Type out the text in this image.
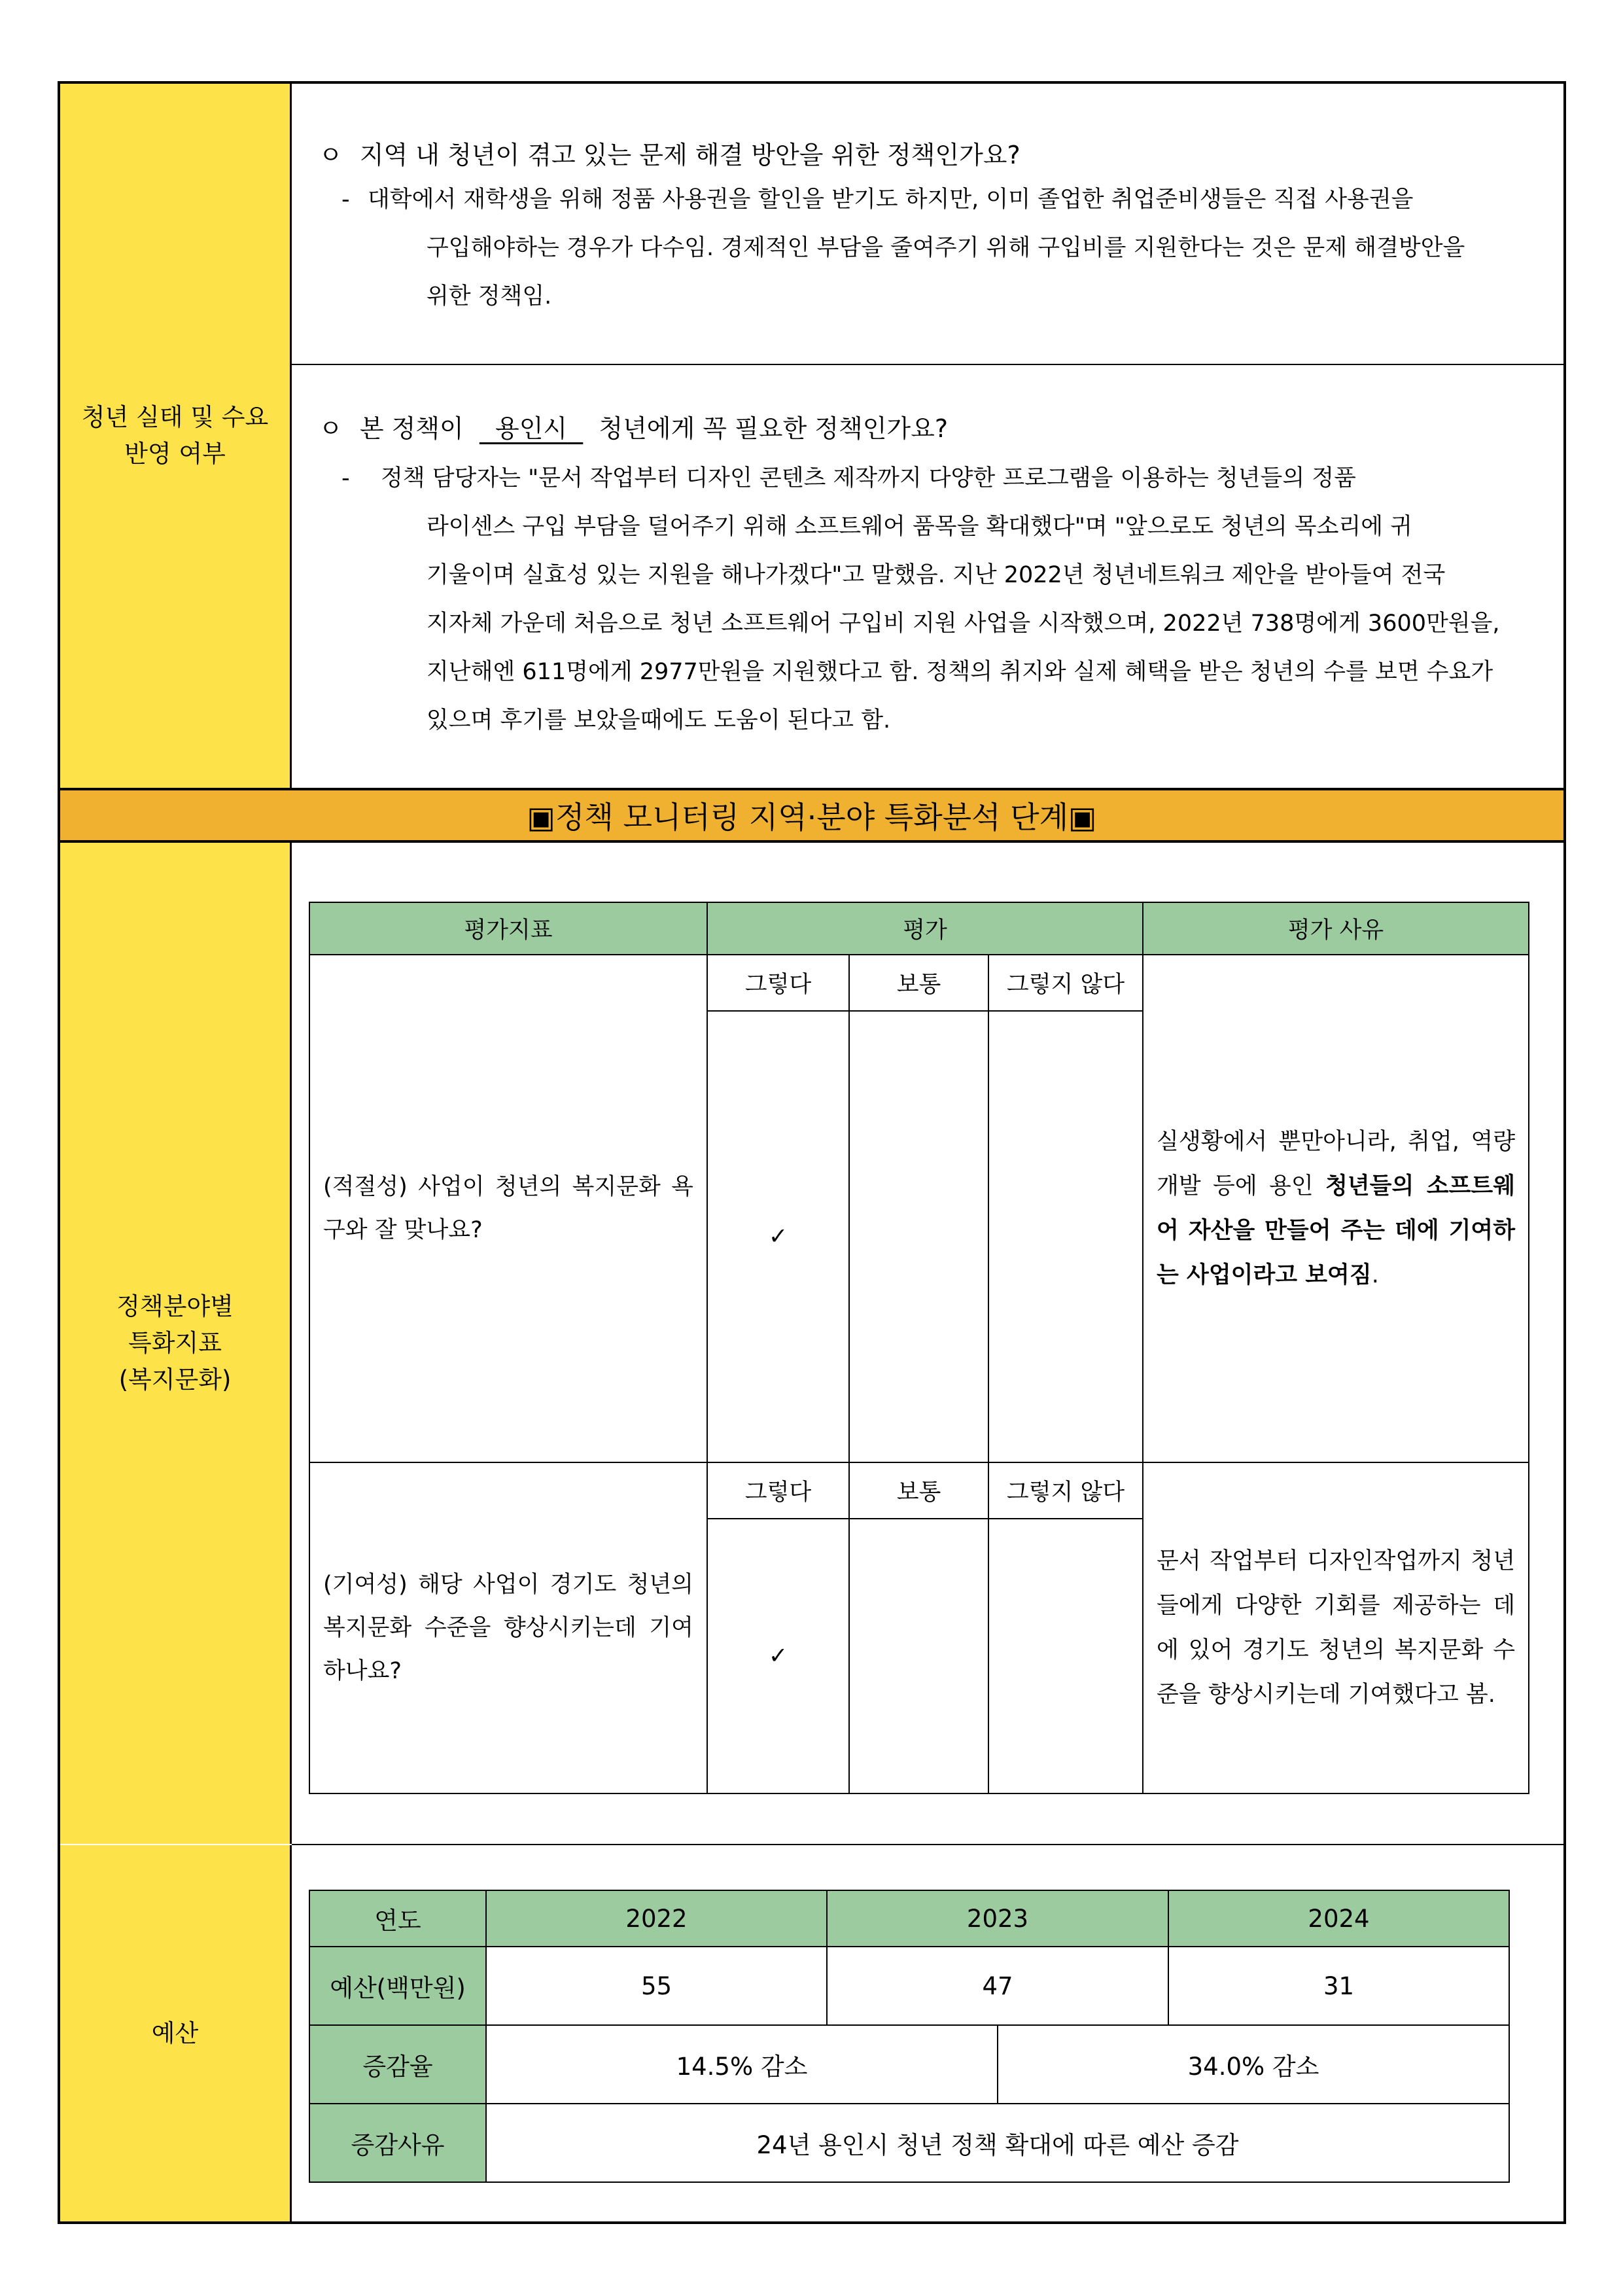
청년 실태 및 수요
반영 여부
ㅇ 지역 내 청년이 겪고 있는 문제 해결 방안을 위한 정책인가요?
- 대학에서 재학생을 위해 정품 사용권을 할인을 받기도 하지만, 이미 졸업한 취업준비생들은 직접 사용권을
구입해야하는 경우가 다수임. 경제적인 부담을 줄여주기 위해 구입비를 지원한다는 것은 문제 해결방안을
위한 정책임.
ㅇ 본 정책이 용인시 청년에게 꼭 필요한 정책인가요?
- 정책 담당자는 "문서 작업부터 디자인 콘텐츠 제작까지 다양한 프로그램을 이용하는 청년들의 정품
라이센스 구입 부담을 덜어주기 위해 소프트웨어 품목을 확대했다"며 "앞으로도 청년의 목소리에 귀
기울이며 실효성 있는 지원을 해나가겠다"고 말했음. 지난 2022년 청년네트워크 제안을 받아들여 전국
지자체 가운데 처음으로 청년 소프트웨어 구입비 지원 사업을 시작했으며, 2022년 738명에게 3600만원을,
지난해엔 611명에게 2977만원을 지원했다고 함. 정책의 취지와 실제 혜택을 받은 청년의 수를 보면 수요가
있으며 후기를 보았을때에도 도움이 된다고 함.
▣정책 모니터링 지역·분야 특화분석 단계▣
정책분야별
특화지표
(복지문화)
예산
평가지표	평가			평가 사유
(적절성) 사업이 청년의 복지문화 욕구와 잘 맞나요?	그렇다	보통	그렇지 않다	실생황에서 뿐만아니라, 취업, 역량개발 등에 용인 청년들의 소프트웨어 자산을 만들어 주는 데에 기여하는 사업이라고 보여짐.
	✓			
(기여성) 해당 사업이 경기도 청년의 복지문화 수준을 향상시키는데 기여하나요?	그렇다	보통	그렇지 않다	문서 작업부터 디자인작업까지 청년들에게 다양한 기회를 제공하는 데에 있어 경기도 청년의 복지문화 수준을 향상시키는데 기여했다고 봄.
	✓			
연도	2022	2023		2024
예산(백만원)	55	47		31
증감율	14.5% 감소		34.0% 감소	
증감사유	24년 용인시 청년 정책 확대에 따른 예산 증감			
